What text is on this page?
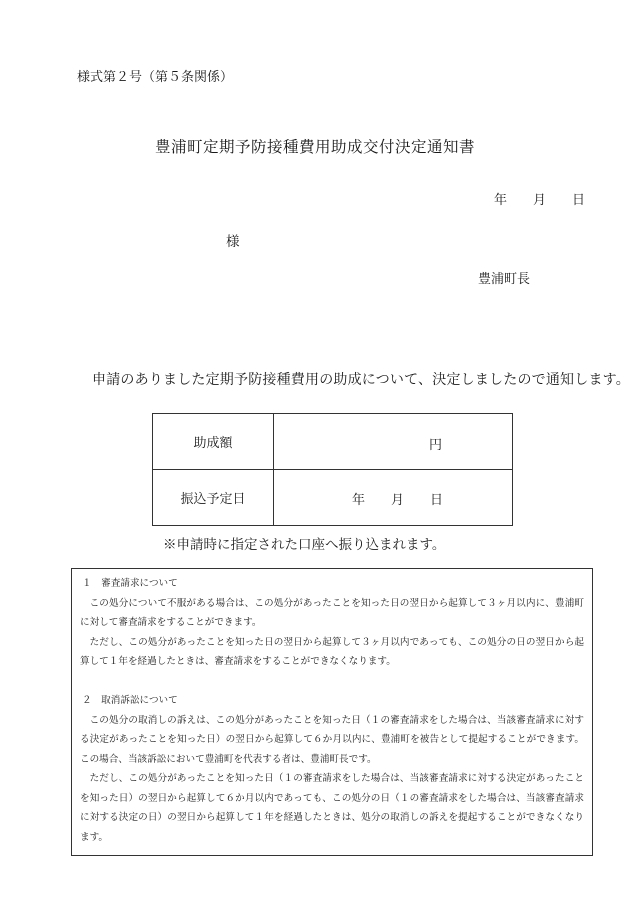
様式第２号（第５条関係）
豊浦町定期予防接種費用助成交付決定通知書
年 月 日
様
豊浦町長
申請のありました定期予防接種費用の助成について、決定しましたので通知します。
助成額	円

振込予定日	年 月 日
※申請時に指定された口座へ振り込まれます。

１　審査請求について

この処分について不服がある場合は、この処分があったことを知った日の翌日から起算して３ヶ月以内に、豊浦町に対して審査請求をすることができます。

ただし、この処分があったことを知った日の翌日から起算して３ヶ月以内であっても、この処分の日の翌日から起算して１年を経過したときは、審査請求をすることができなくなります。

２　取消訴訟について

この処分の取消しの訴えは、この処分があったことを知った日（１の審査請求をした場合は、当該審査請求に対する決定があったことを知った日）の翌日から起算して６か月以内に、豊浦町を被告として提起することができます。この場合、当該訴訟において豊浦町を代表する者は、豊浦町長です。

ただし、この処分があったことを知った日（１の審査請求をした場合は、当該審査請求に対する決定があったことを知った日）の翌日から起算して６か月以内であっても、この処分の日（１の審査請求をした場合は、当該審査請求に対する決定の日）の翌日から起算して１年を経過したときは、処分の取消しの訴えを提起することができなくなります。
